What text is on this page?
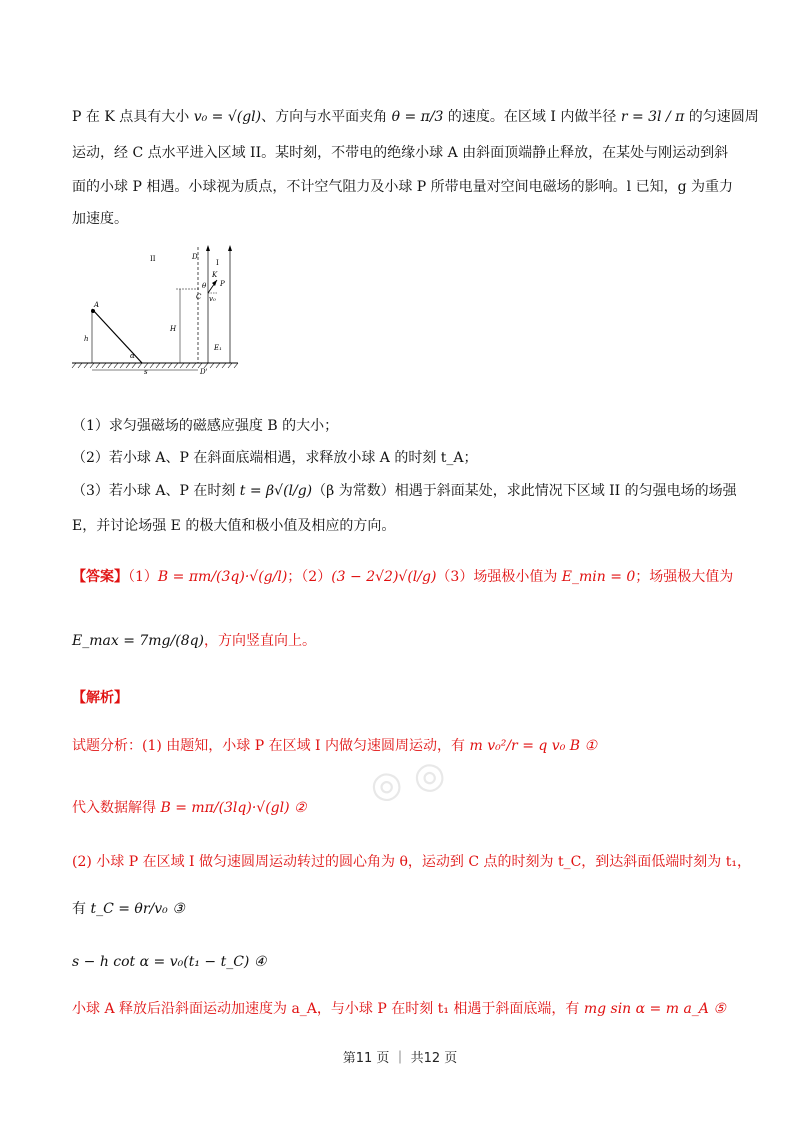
◎ ◎
P 在 K 点具有大小 v₀ = √(gl)、方向与水平面夹角 θ = π/3 的速度。在区域 I 内做半径 r = 3l / π 的匀速圆周
运动，经 C 点水平进入区域 II。某时刻，不带电的绝缘小球 A 由斜面顶端静止释放，在某处与刚运动到斜
面的小球 P 相遇。小球视为质点，不计空气阻力及小球 P 所带电量对空间电磁场的影响。l 已知，g 为重力
加速度。
A
h
α
s
H
D
D'
II	I
E₁
K
P
θ
v₀
C
（1）求匀强磁场的磁感应强度 B 的大小；
（2）若小球 A、P 在斜面底端相遇，求释放小球 A 的时刻 t_A；
（3）若小球 A、P 在时刻 t = β√(l/g)（β 为常数）相遇于斜面某处，求此情况下区域 II 的匀强电场的场强
E，并讨论场强 E 的极大值和极小值及相应的方向。
【答案】（1）B = πm/(3q)·√(g/l)；（2）(3 − 2√2)√(l/g)（3）场强极小值为 E_min = 0；场强极大值为
E_max = 7mg/(8q)，方向竖直向上。
【解析】
试题分析：(1) 由题知，小球 P 在区域 I 内做匀速圆周运动，有 m v₀²/r = q v₀ B ①
代入数据解得 B = mπ/(3lq)·√(gl) ②
(2) 小球 P 在区域 I 做匀速圆周运动转过的圆心角为 θ，运动到 C 点的时刻为 t_C，到达斜面低端时刻为 t₁，
有 t_C = θr/v₀ ③
s − h cot α = v₀(t₁ − t_C) ④
小球 A 释放后沿斜面运动加速度为 a_A，与小球 P 在时刻 t₁ 相遇于斜面底端，有 mg sin α = m a_A ⑤
第11 页 ｜ 共12 页
